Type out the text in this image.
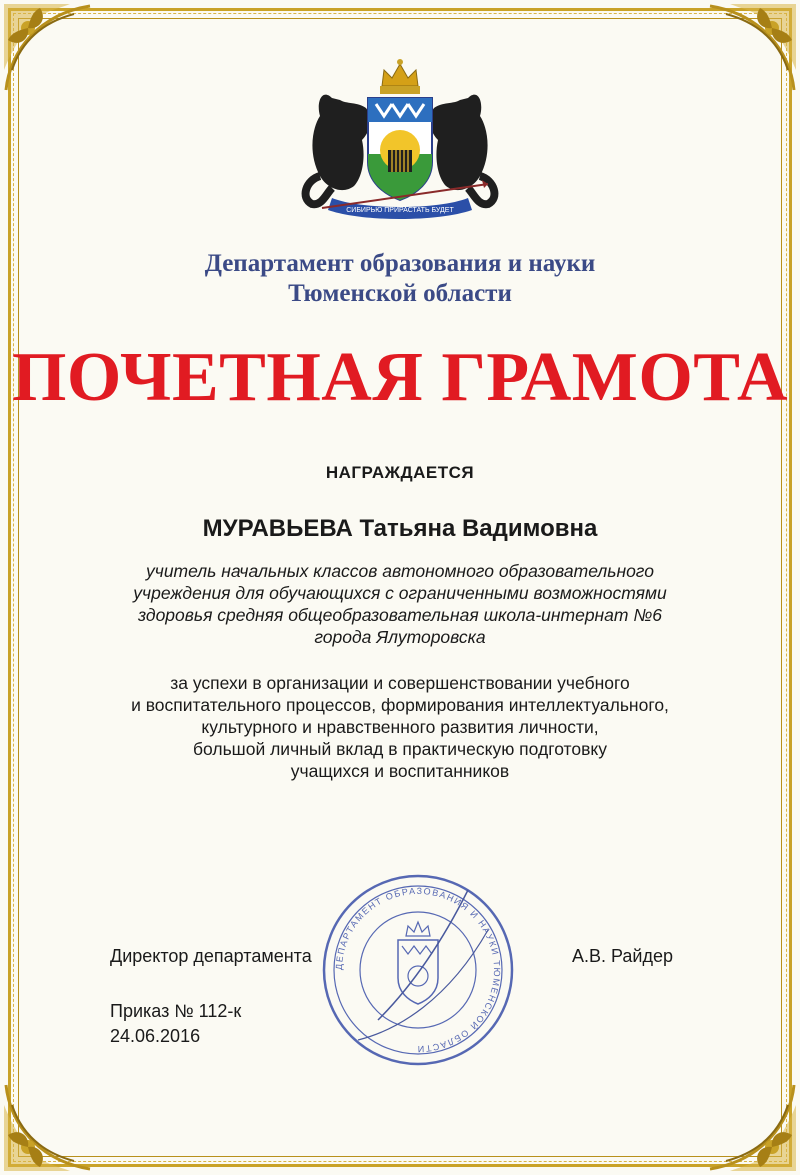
СИБИРЬЮ ПРИРАСТАТЬ БУДЕТ
Департамент образования и науки
Тюменской области
ПОЧЕТНАЯ ГРАМОТА
НАГРАЖДАЕТСЯ
МУРАВЬЕВА Татьяна Вадимовна
учитель начальных классов автономного образовательного
учреждения для обучающихся с ограниченными возможностями
здоровья средняя общеобразовательная школа-интернат №6
города Ялуторовска
за успехи в организации и совершенствовании учебного
и воспитательного процессов, формирования интеллектуального,
культурного и нравственного развития личности,
большой личный вклад в практическую подготовку
учащихся и воспитанников
ДЕПАРТАМЕНТ ОБРАЗОВАНИЯ И НАУКИ ТЮМЕНСКОЙ ОБЛАСТИ
Директор департамента	А.В. Райдер
Приказ № 112-к
24.06.2016
